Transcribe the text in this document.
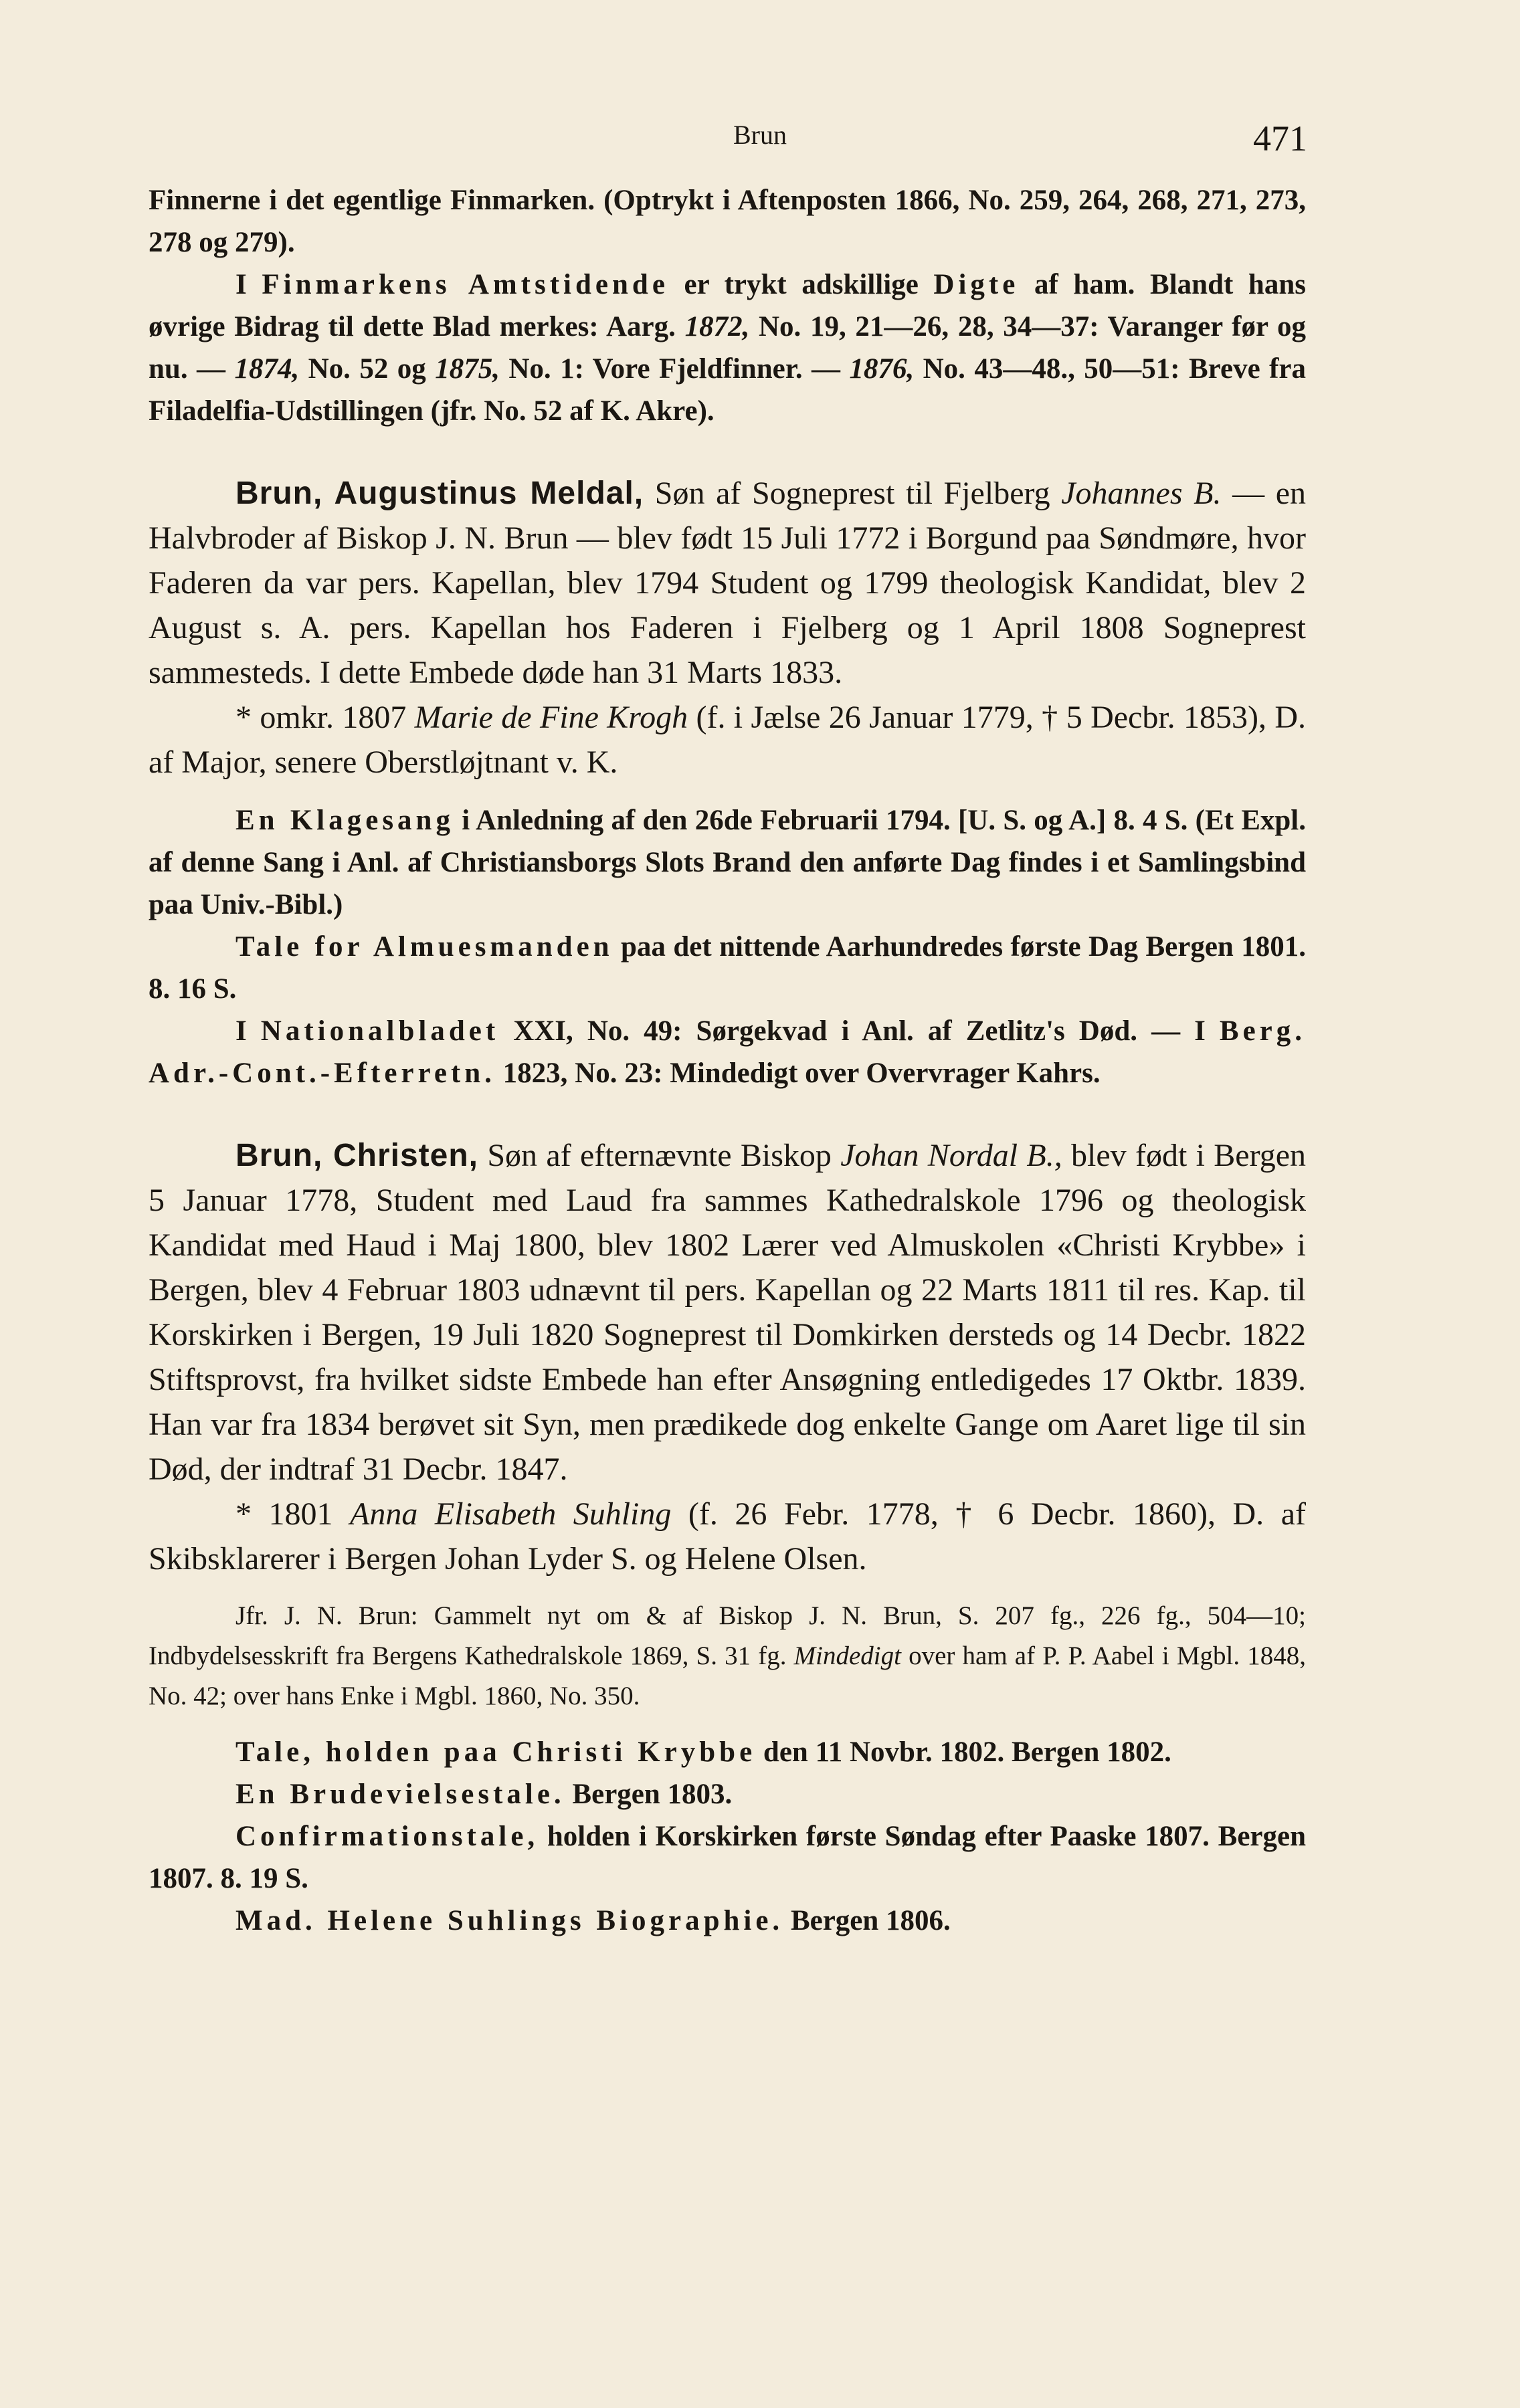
Brun	471

Finnerne i det egentlige Finmarken. (Optrykt i Aftenposten 1866, No. 259, 264, 268, 271, 273, 278 og 279).

I Finmarkens Amtstidende er trykt adskillige Digte af ham. Blandt hans øvrige Bidrag til dette Blad merkes: Aarg. 1872, No. 19, 21—26, 28, 34—37: Varanger før og nu. — 1874, No. 52 og 1875, No. 1: Vore Fjeldfinner. — 1876, No. 43—48., 50—51: Breve fra Filadelfia-Udstillingen (jfr. No. 52 af K. Akre).

Brun, Augustinus Meldal, Søn af Sogneprest til Fjelberg Johannes B. — en Halvbroder af Biskop J. N. Brun — blev født 15 Juli 1772 i Borgund paa Søndmøre, hvor Faderen da var pers. Kapellan, blev 1794 Student og 1799 theologisk Kandidat, blev 2 August s. A. pers. Kapellan hos Faderen i Fjelberg og 1 April 1808 Sogneprest sammesteds. I dette Embede døde han 31 Marts 1833.

* omkr. 1807 Marie de Fine Krogh (f. i Jælse 26 Januar 1779, † 5 Decbr. 1853), D. af Major, senere Oberstløjtnant v. K.

En Klagesang i Anledning af den 26de Februarii 1794. [U. S. og A.] 8. 4 S. (Et Expl. af denne Sang i Anl. af Christiansborgs Slots Brand den anførte Dag findes i et Samlingsbind paa Univ.-Bibl.)

Tale for Almuesmanden paa det nittende Aarhundredes første Dag Bergen 1801. 8. 16 S.

I Nationalbladet XXI, No. 49: Sørgekvad i Anl. af Zetlitz's Død. — I Berg. Adr.-Cont.-Efterretn. 1823, No. 23: Mindedigt over Overvrager Kahrs.

Brun, Christen, Søn af efternævnte Biskop Johan Nordal B., blev født i Bergen 5 Januar 1778, Student med Laud fra sammes Kathedralskole 1796 og theologisk Kandidat med Haud i Maj 1800, blev 1802 Lærer ved Almuskolen «Christi Krybbe» i Bergen, blev 4 Februar 1803 udnævnt til pers. Kapellan og 22 Marts 1811 til res. Kap. til Korskirken i Bergen, 19 Juli 1820 Sogneprest til Domkirken dersteds og 14 Decbr. 1822 Stiftsprovst, fra hvilket sidste Embede han efter Ansøgning entledigedes 17 Oktbr. 1839. Han var fra 1834 berøvet sit Syn, men prædikede dog enkelte Gange om Aaret lige til sin Død, der indtraf 31 Decbr. 1847.

* 1801 Anna Elisabeth Suhling (f. 26 Febr. 1778, † 6 Decbr. 1860), D. af Skibsklarerer i Bergen Johan Lyder S. og Helene Olsen.

Jfr. J. N. Brun: Gammelt nyt om & af Biskop J. N. Brun, S. 207 fg., 226 fg., 504—10; Indbydelsesskrift fra Bergens Kathedralskole 1869, S. 31 fg. Mindedigt over ham af P. P. Aabel i Mgbl. 1848, No. 42; over hans Enke i Mgbl. 1860, No. 350.

Tale, holden paa Christi Krybbe den 11 Novbr. 1802. Bergen 1802.

En Brudevielsestale. Bergen 1803.

Confirmationstale, holden i Korskirken første Søndag efter Paaske 1807. Bergen 1807. 8. 19 S.

Mad. Helene Suhlings Biographie. Bergen 1806.
